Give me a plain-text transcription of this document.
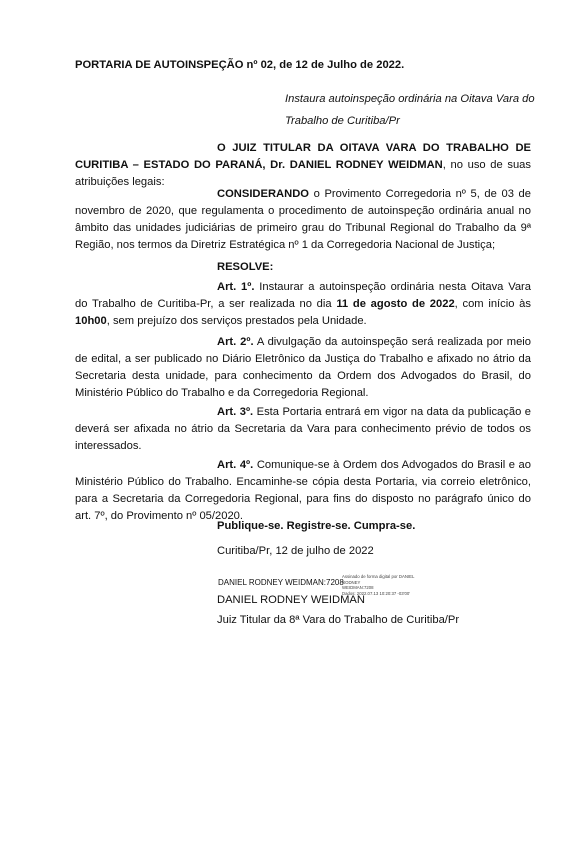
PORTARIA DE AUTOINSPEÇÃO nº 02, de 12 de Julho de 2022.

Instaura autoinspeção ordinária na Oitava Vara do
Trabalho de Curitiba/Pr

O JUIZ TITULAR DA OITAVA VARA DO TRABALHO DE CURITIBA – ESTADO DO PARANÁ, Dr. DANIEL RODNEY WEIDMAN, no uso de suas atribuições legais:

CONSIDERANDO o Provimento Corregedoria nº 5, de 03 de novembro de 2020, que regulamenta o procedimento de autoinspeção ordinária anual no âmbito das unidades judiciárias de primeiro grau do Tribunal Regional do Trabalho da 9ª Região, nos termos da Diretriz Estratégica nº 1 da Corregedoria Nacional de Justiça;

RESOLVE:

Art. 1º. Instaurar a autoinspeção ordinária nesta Oitava Vara do Trabalho de Curitiba-Pr, a ser realizada no dia 11 de agosto de 2022, com início às 10h00, sem prejuízo dos serviços prestados pela Unidade.

Art. 2º. A divulgação da autoinspeção será realizada por meio de edital, a ser publicado no Diário Eletrônico da Justiça do Trabalho e afixado no átrio da Secretaria desta unidade, para conhecimento da Ordem dos Advogados do Brasil, do Ministério Público do Trabalho e da Corregedoria Regional.

Art. 3º. Esta Portaria entrará em vigor na data da publicação e deverá ser afixada no átrio da Secretaria da Vara para conhecimento prévio de todos os interessados.

Art. 4º. Comunique-se à Ordem dos Advogados do Brasil e ao Ministério Público do Trabalho. Encaminhe-se cópia desta Portaria, via correio eletrônico, para a Secretaria da Corregedoria Regional, para fins do disposto no parágrafo único do art. 7º, do Provimento nº 05/2020.

Publique-se. Registre-se. Cumpra-se.

Curitiba/Pr, 12 de julho de 2022

DANIEL RODNEY WEIDMAN:7208
Assinado de forma digital por DANIEL RODNEY
WEIDMAN:7208
Dados: 2022.07.13 10:20:37 -03'00'

DANIEL RODNEY WEIDMAN

Juiz Titular da 8ª Vara do Trabalho de Curitiba/Pr
